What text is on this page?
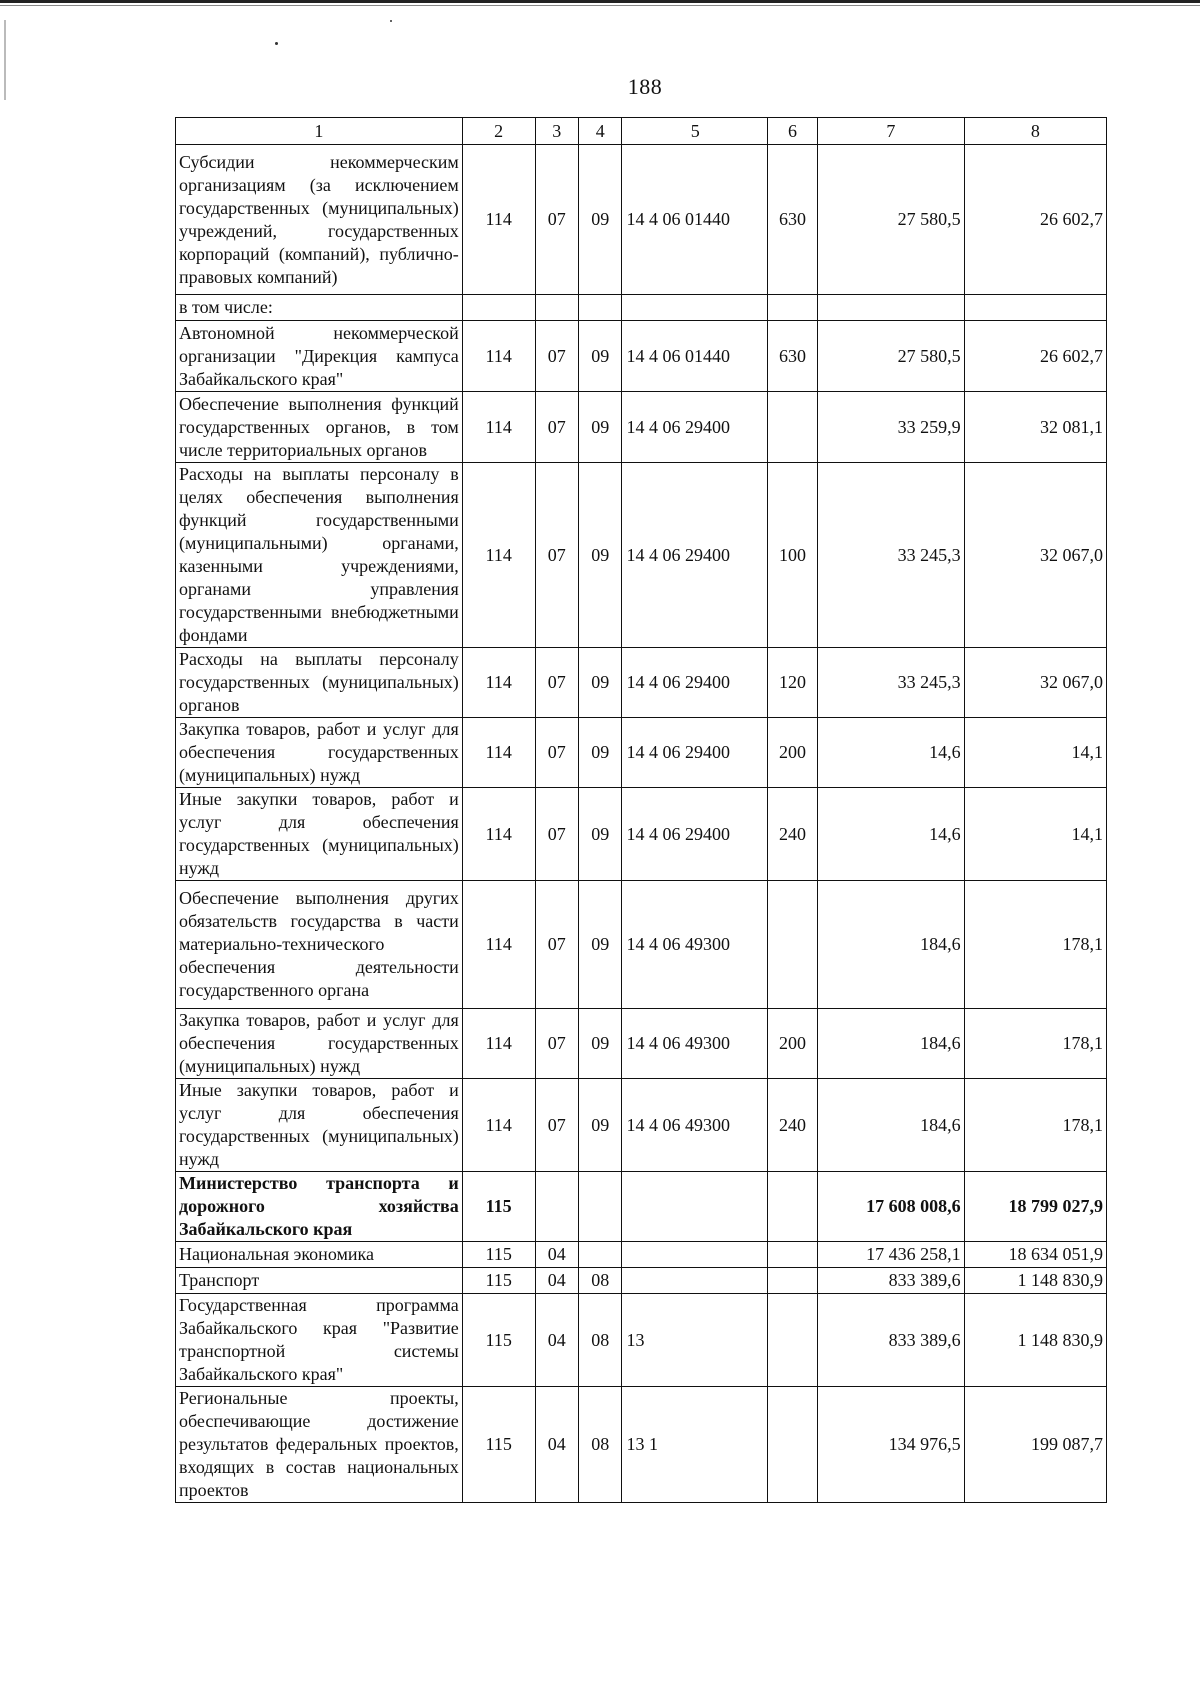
188
1	2	3	4	5	6	7	8
Субсидии некоммерческим организациям (за исключением государственных (муниципальных) учреждений, государственных корпораций (компаний), публично-правовых компаний)	114	07	09	14 4 06 01440	630	27 580,5	26 602,7
в том числе:							
Автономной некоммерческой организации "Дирекция кампуса Забайкальского края"	114	07	09	14 4 06 01440	630	27 580,5	26 602,7
Обеспечение выполнения функций государственных органов, в том числе территориальных органов	114	07	09	14 4 06 29400		33 259,9	32 081,1
Расходы на выплаты персоналу в целях обеспечения выполнения функций государственными (муниципальными) органами, казенными учреждениями, органами управления государственными внебюджетными фондами	114	07	09	14 4 06 29400	100	33 245,3	32 067,0
Расходы на выплаты персоналу государственных (муниципальных) органов	114	07	09	14 4 06 29400	120	33 245,3	32 067,0
Закупка товаров, работ и услуг для обеспечения государственных (муниципальных) нужд	114	07	09	14 4 06 29400	200	14,6	14,1
Иные закупки товаров, работ и услуг для обеспечения государственных (муниципальных) нужд	114	07	09	14 4 06 29400	240	14,6	14,1
Обеспечение выполнения других обязательств государства в части материально-технического обеспечения деятельности государственного органа	114	07	09	14 4 06 49300		184,6	178,1
Закупка товаров, работ и услуг для обеспечения государственных (муниципальных) нужд	114	07	09	14 4 06 49300	200	184,6	178,1
Иные закупки товаров, работ и услуг для обеспечения государственных (муниципальных) нужд	114	07	09	14 4 06 49300	240	184,6	178,1
Министерство транспорта и дорожного хозяйства Забайкальского края	115					17 608 008,6	18 799 027,9
Национальная экономика	115	04				17 436 258,1	18 634 051,9
Транспорт	115	04	08			833 389,6	1 148 830,9
Государственная программа Забайкальского края "Развитие транспортной системы Забайкальского края"	115	04	08	13		833 389,6	1 148 830,9
Региональные проекты, обеспечивающие достижение результатов федеральных проектов, входящих в состав национальных проектов	115	04	08	13 1		134 976,5	199 087,7
